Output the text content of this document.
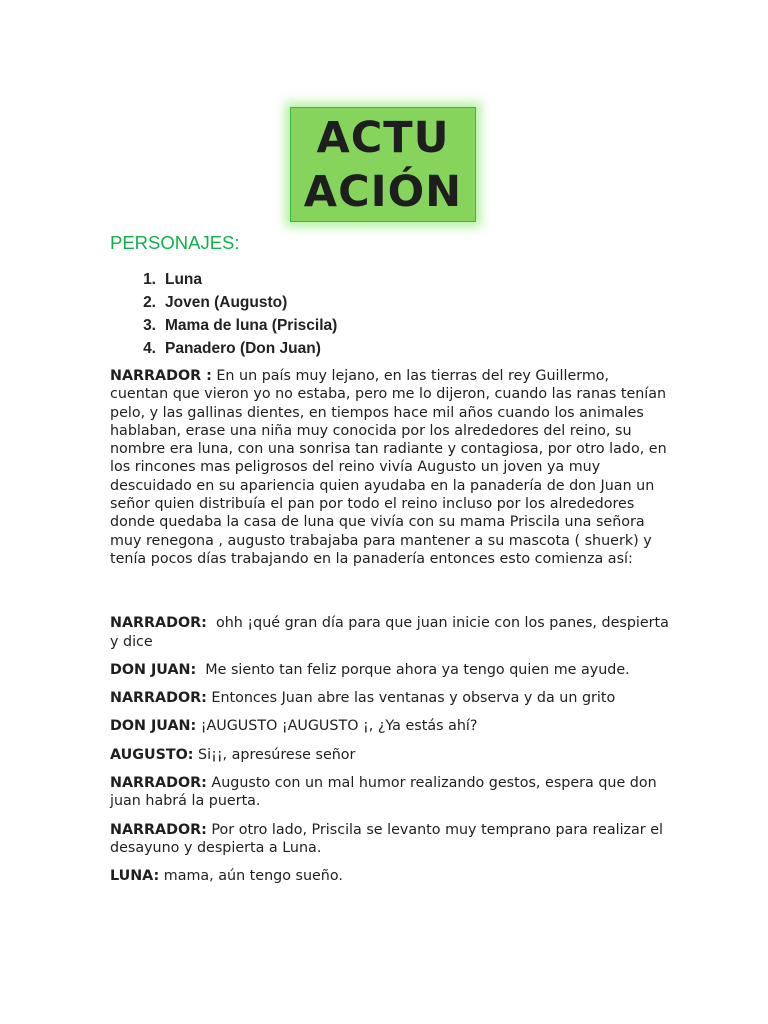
ACTU
ACIÓN
PERSONAJES:
1. Luna
2. Joven (Augusto)
3. Mama de luna (Priscila)
4. Panadero (Don Juan)

NARRADOR : En un país muy lejano, en las tierras del rey Guillermo, cuentan que vieron yo no estaba, pero me lo dijeron, cuando las ranas tenían pelo, y las gallinas dientes, en tiempos hace mil años cuando los animales hablaban, erase una niña muy conocida por los alrededores del reino, su nombre era luna, con una sonrisa tan radiante y contagiosa, por otro lado, en los rincones mas peligrosos del reino vivía Augusto un joven ya muy descuidado en su apariencia quien ayudaba en la panadería de don Juan un señor quien distribuía el pan por todo el reino incluso por los alrededores donde quedaba la casa de luna que vivía con su mama Priscila una señora muy renegona , augusto trabajaba para mantener a su mascota ( shuerk) y tenía pocos días trabajando en la panadería entonces esto comienza así:

NARRADOR: ohh ¡qué gran día para que juan inicie con los panes, despierta y dice

DON JUAN: Me siento tan feliz porque ahora ya tengo quien me ayude.

NARRADOR: Entonces Juan abre las ventanas y observa y da un grito

DON JUAN: ¡AUGUSTO ¡AUGUSTO ¡, ¿Ya estás ahí?

AUGUSTO: Si¡¡, apresúrese señor

NARRADOR: Augusto con un mal humor realizando gestos, espera que don juan habrá la puerta.

NARRADOR: Por otro lado, Priscila se levanto muy temprano para realizar el desayuno y despierta a Luna.

LUNA: mama, aún tengo sueño.
